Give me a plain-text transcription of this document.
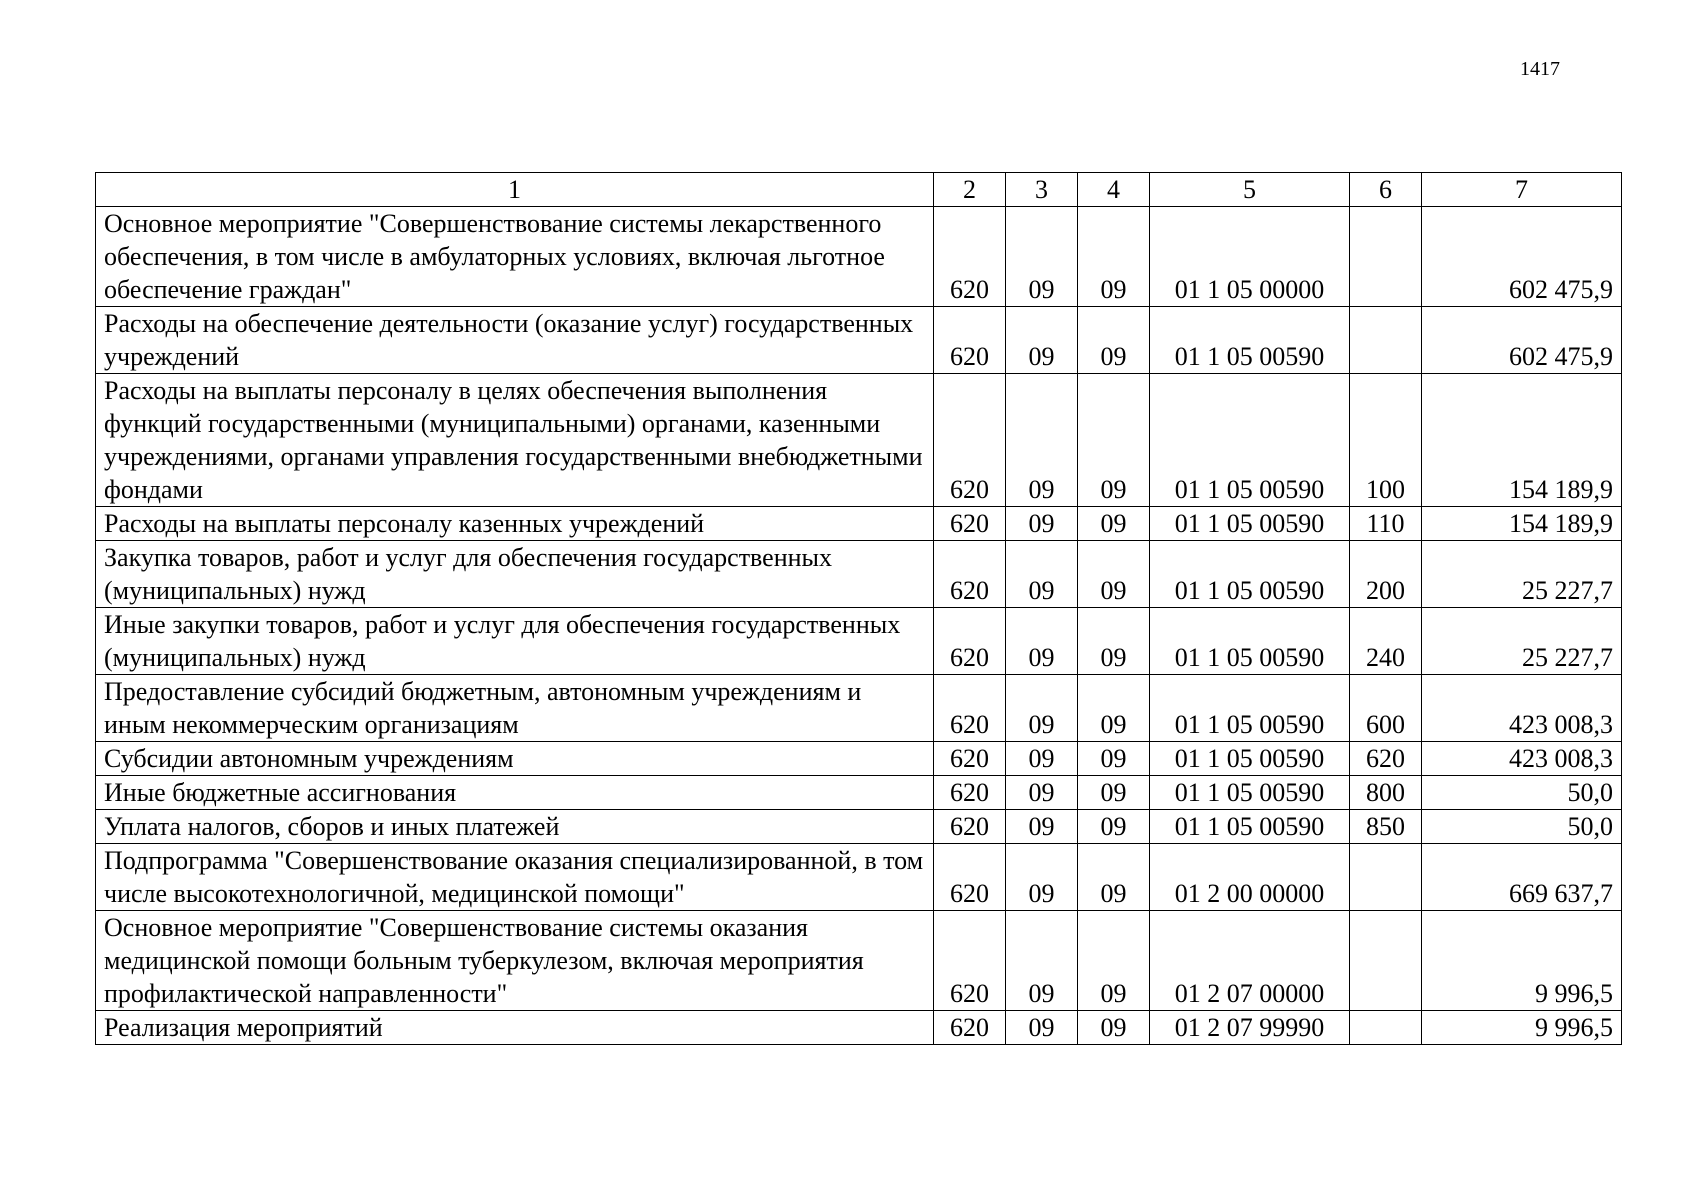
1417
1	2	3	4	5	6	7
Основное мероприятие "Совершенствование системы лекарственного обеспечения, в том числе в амбулаторных условиях, включая льготное обеспечение граждан"	620	09	09	01 1 05 00000		602 475,9
Расходы на обеспечение деятельности (оказание услуг) государственных учреждений	620	09	09	01 1 05 00590		602 475,9
Расходы на выплаты персоналу в целях обеспечения выполнения функций государственными (муниципальными) органами, казенными учреждениями, органами управления государственными внебюджетными фондами	620	09	09	01 1 05 00590	100	154 189,9
Расходы на выплаты персоналу казенных учреждений	620	09	09	01 1 05 00590	110	154 189,9
Закупка товаров, работ и услуг для обеспечения государственных (муниципальных) нужд	620	09	09	01 1 05 00590	200	25 227,7
Иные закупки товаров, работ и услуг для обеспечения государственных (муниципальных) нужд	620	09	09	01 1 05 00590	240	25 227,7
Предоставление субсидий бюджетным, автономным учреждениям и иным некоммерческим организациям	620	09	09	01 1 05 00590	600	423 008,3
Субсидии автономным учреждениям	620	09	09	01 1 05 00590	620	423 008,3
Иные бюджетные ассигнования	620	09	09	01 1 05 00590	800	50,0
Уплата налогов, сборов и иных платежей	620	09	09	01 1 05 00590	850	50,0
Подпрограмма "Совершенствование оказания специализированной, в том числе высокотехнологичной, медицинской помощи"	620	09	09	01 2 00 00000		669 637,7
Основное мероприятие "Совершенствование системы оказания медицинской помощи больным туберкулезом, включая мероприятия профилактической направленности"	620	09	09	01 2 07 00000		9 996,5
Реализация мероприятий	620	09	09	01 2 07 99990		9 996,5
